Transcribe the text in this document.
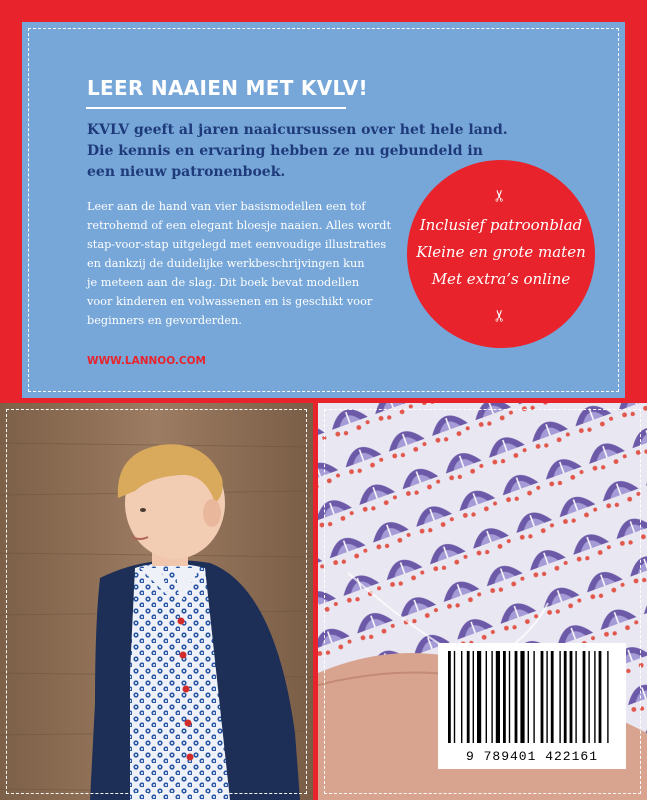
LEER NAAIEN MET KVLV!
KVLV geeft al jaren naaicursussen over het hele land.
Die kennis en ervaring hebben ze nu gebundeld in
een nieuw patronenboek.
Leer aan de hand van vier basismodellen een tof
retrohemd of een elegant bloesje naaien. Alles wordt
stap-voor-stap uitgelegd met eenvoudige illustraties
en dankzij de duidelijke werkbeschrijvingen kun
je meteen aan de slag. Dit boek bevat modellen
voor kinderen en volwassenen en is geschikt voor
beginners en gevorderden.
WWW.LANNOO.COM
✂
Inclusief patroonblad
Kleine en grote maten
Met extra’s online
✂
9 789401 422161
